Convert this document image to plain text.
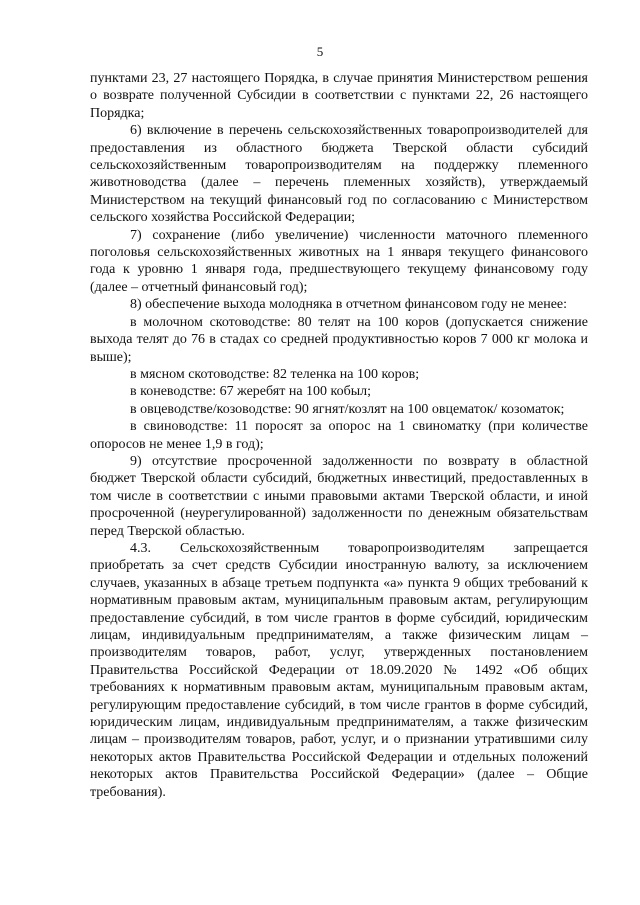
5

пунктами 23, 27 настоящего Порядка, в случае принятия Министерством решения о возврате полученной Субсидии в соответствии с пунктами 22, 26 настоящего Порядка;

6) включение в перечень сельскохозяйственных товаропроизводителей для предоставления из областного бюджета Тверской области субсидий сельскохозяйственным товаропроизводителям на поддержку племенного животноводства (далее – перечень племенных хозяйств), утверждаемый Министерством на текущий финансовый год по согласованию с Министерством сельского хозяйства Российской Федерации;

7) сохранение (либо увеличение) численности маточного племенного поголовья сельскохозяйственных животных на 1 января текущего финансового года к уровню 1 января года, предшествующего текущему финансовому году (далее – отчетный финансовый год);

8) обеспечение выхода молодняка в отчетном финансовом году не менее:

в молочном скотоводстве: 80 телят на 100 коров (допускается снижение выхода телят до 76 в стадах со средней продуктивностью коров 7 000 кг молока и выше);

в мясном скотоводстве: 82 теленка на 100 коров;

в коневодстве: 67 жеребят на 100 кобыл;

в овцеводстве/козоводстве: 90 ягнят/козлят на 100 овцематок/ козоматок;

в свиноводстве: 11 поросят за опорос на 1 свиноматку (при количестве опоросов не менее 1,9 в год);

9) отсутствие просроченной задолженности по возврату в областной бюджет Тверской области субсидий, бюджетных инвестиций, предоставленных в том числе в соответствии с иными правовыми актами Тверской области, и иной просроченной (неурегулированной) задолженности по денежным обязательствам перед Тверской областью.

4.3. Сельскохозяйственным товаропроизводителям запрещается приобретать за счет средств Субсидии иностранную валюту, за исключением случаев, указанных в абзаце третьем подпункта «а» пункта 9 общих требований к нормативным правовым актам, муниципальным правовым актам, регулирующим предоставление субсидий, в том числе грантов в форме субсидий, юридическим лицам, индивидуальным предпринимателям, а также физическим лицам – производителям товаров, работ, услуг, утвержденных постановлением Правительства Российской Федерации от 18.09.2020 № 1492 «Об общих требованиях к нормативным правовым актам, муниципальным правовым актам, регулирующим предоставление субсидий, в том числе грантов в форме субсидий, юридическим лицам, индивидуальным предпринимателям, а также физическим лицам – производителям товаров, работ, услуг, и о признании утратившими силу некоторых актов Правительства Российской Федерации и отдельных положений некоторых актов Правительства Российской Федерации» (далее – Общие требования).
